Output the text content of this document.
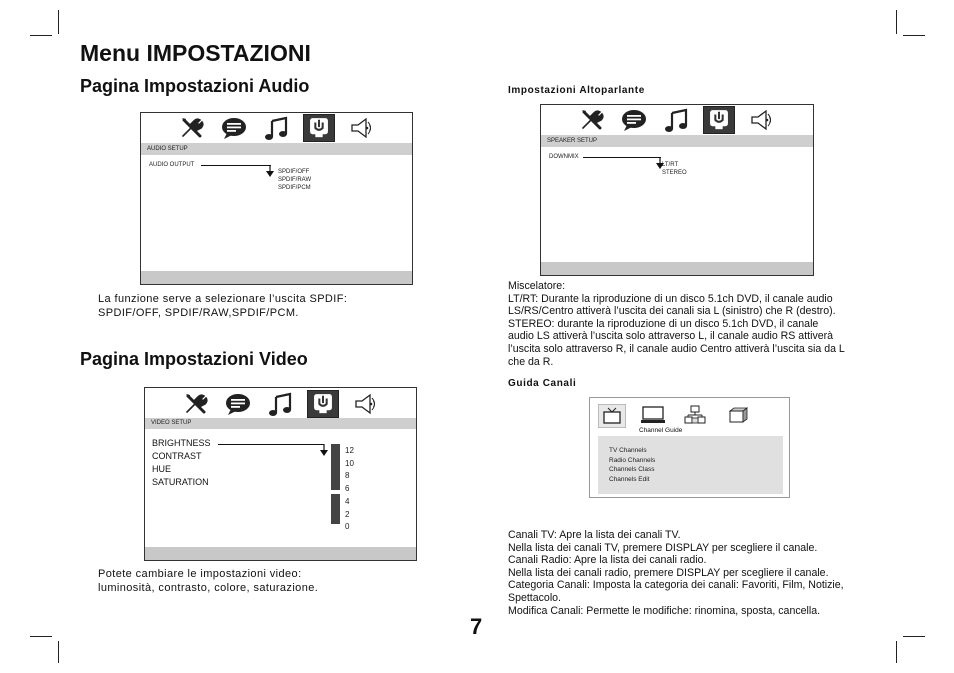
Menu IMPOSTAZIONI
Pagina Impostazioni Audio
AUDIO SETUP
AUDIO OUTPUT
SPDIF/OFF
SPDIF/RAW
SPDIF/PCM
La funzione serve a selezionare l’uscita SPDIF:
SPDIF/OFF, SPDIF/RAW,SPDIF/PCM.
Pagina Impostazioni Video
VIDEO SETUP
BRIGHTNESS
CONTRAST
HUE
SATURATION
12
10
8
6
4
2
0
Potete cambiare le impostazioni video:
luminosità, contrasto, colore, saturazione.
Impostazioni Altoparlante
SPEAKER SETUP
DOWNMIX
LT/RT
STEREO
Miscelatore:
LT/RT: Durante la riproduzione di un disco 5.1ch DVD, il canale audio
LS/RS/Centro attiverà l’uscita dei canali sia L (sinistro) che R (destro).
STEREO: durante la riproduzione di un disco 5.1ch DVD, il canale
audio LS attiverà l’uscita solo attraverso L, il canale audio RS attiverà
l’uscita solo attraverso R, il canale audio Centro attiverà l’uscita sia da L
che da R.
Guida Canali
Channel Guide
TV Channels
Radio Channels
Channels Class
Channels Edit
Canali TV: Apre la lista dei canali TV.
Nella lista dei canali TV, premere DISPLAY per scegliere il canale.
Canali Radio: Apre la lista dei canali radio.
Nella lista dei canali radio, premere DISPLAY per scegliere il canale.
Categoria Canali: Imposta la categoria dei canali: Favoriti, Film, Notizie,
Spettacolo.
Modifica Canali: Permette le modifiche: rinomina, sposta, cancella.
7
